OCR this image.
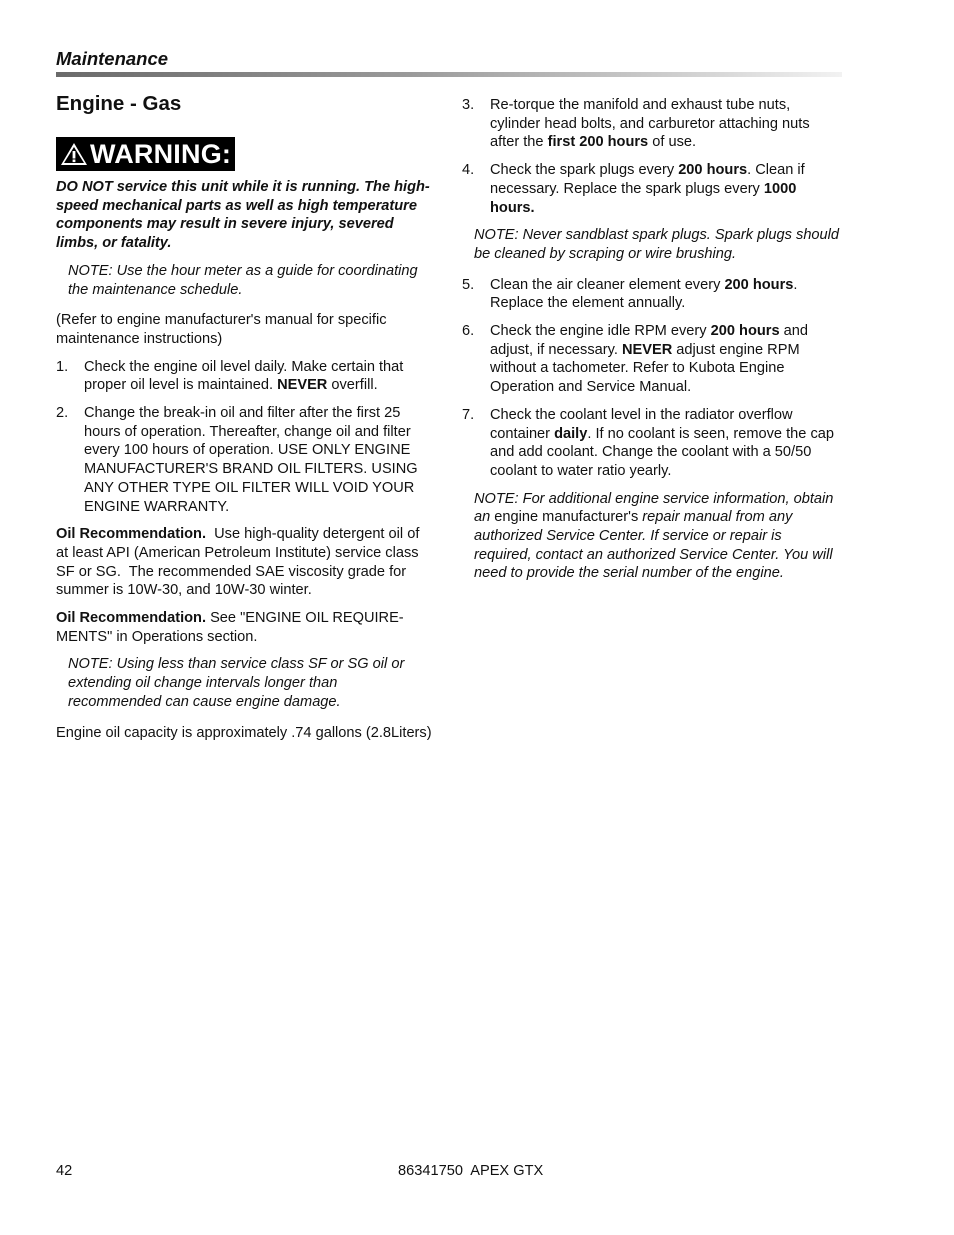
Maintenance
Engine - Gas
WARNING:
DO NOT service this unit while it is running. The high-speed mechanical parts as well as high temperature components may result in severe injury, severed limbs, or fatality.
NOTE: Use the hour meter as a guide for coordinating the maintenance schedule.
(Refer to engine manufacturer's manual for specific maintenance instructions)
1.	Check the engine oil level daily. Make certain that proper oil level is maintained. NEVER overfill.
2.	Change the break-in oil and filter after the first 25 hours of operation. Thereafter, change oil and filter every 100 hours of operation. USE ONLY ENGINE MANUFACTURER'S BRAND OIL FILTERS. USING ANY OTHER TYPE OIL FILTER WILL VOID YOUR ENGINE WARRANTY.
Oil Recommendation.  Use high-quality detergent oil of at least API (American Petroleum Institute) service class SF or SG.  The recommended SAE viscosity grade for summer is 10W-30, and 10W-30 winter.
Oil Recommendation. See "ENGINE OIL REQUIRE-MENTS" in Operations section.
NOTE: Using less than service class SF or SG oil or extending oil change intervals longer than recommended can cause engine damage.
Engine oil capacity is approximately .74 gallons (2.8Liters)
3.	Re-torque the manifold and exhaust tube nuts, cylinder head bolts, and carburetor attaching nuts after the first 200 hours of use.
4.	Check the spark plugs every 200 hours. Clean if necessary. Replace the spark plugs every 1000 hours.
NOTE: Never sandblast spark plugs. Spark plugs should be cleaned by scraping or wire brushing.
5.	Clean the air cleaner element every 200 hours. Replace the element annually.
6.	Check the engine idle RPM every 200 hours and adjust, if necessary. NEVER adjust engine RPM without a tachometer. Refer to Kubota Engine Operation and Service Manual.
7.	Check the coolant level in the radiator overflow container daily. If no coolant is seen, remove the cap and add coolant. Change the coolant with a 50/50 coolant to water ratio yearly.
NOTE: For additional engine service information, obtain an engine manufacturer's repair manual from any authorized Service Center. If service or repair is required, contact an authorized Service Center. You will need to provide the serial number of the engine.
42	86341750  APEX GTX
